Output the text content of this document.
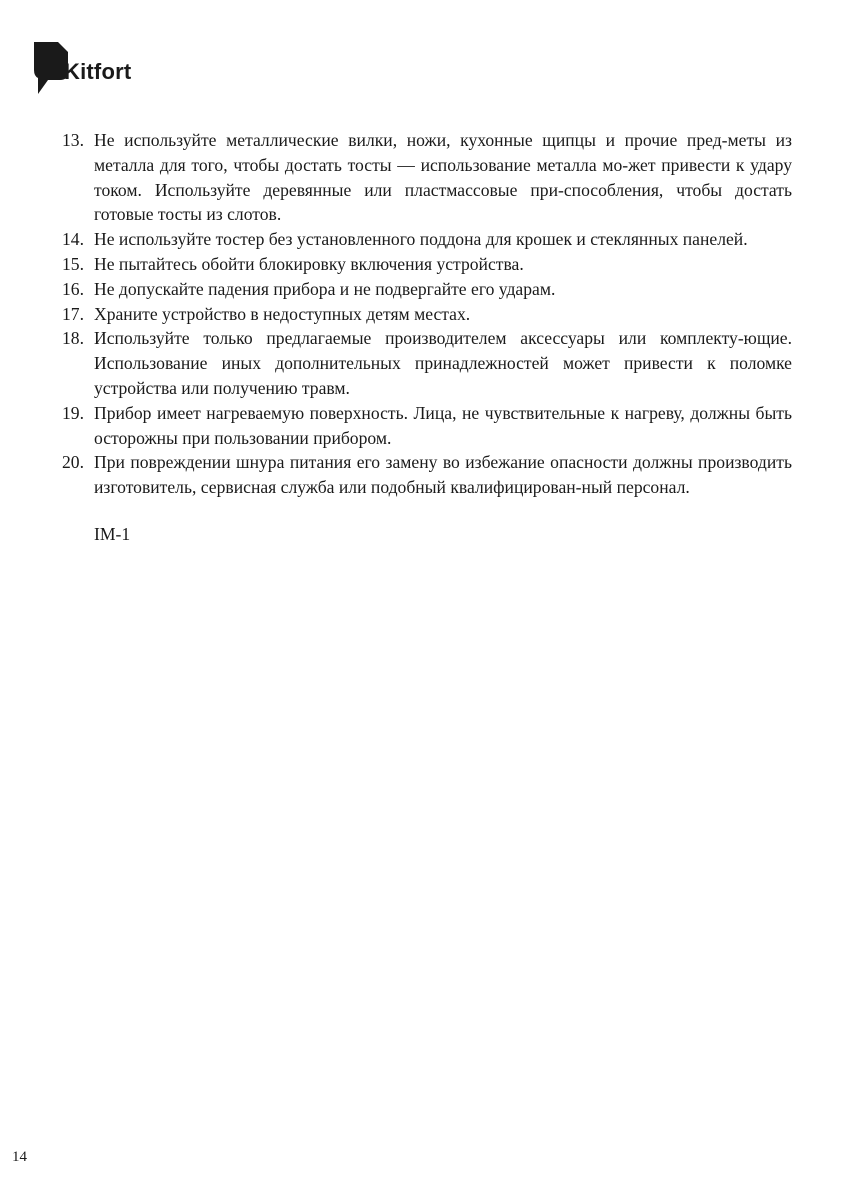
Kitfort
13. Не используйте металлические вилки, ножи, кухонные щипцы и прочие пред-меты из металла для того, чтобы достать тосты — использование металла мо-жет привести к удару током. Используйте деревянные или пластмассовые при-способления, чтобы достать готовые тосты из слотов.
14. Не используйте тостер без установленного поддона для крошек и стеклянных панелей.
15. Не пытайтесь обойти блокировку включения устройства.
16. Не допускайте падения прибора и не подвергайте его ударам.
17. Храните устройство в недоступных детям местах.
18. Используйте только предлагаемые производителем аксессуары или комплекту-ющие. Использование иных дополнительных принадлежностей может привести к поломке устройства или получению травм.
19. Прибор имеет нагреваемую поверхность. Лица, не чувствительные к нагреву, должны быть осторожны при пользовании прибором.
20. При повреждении шнура питания его замену во избежание опасности должны производить изготовитель, сервисная служба или подобный квалифицирован-ный персонал.
IM-1
14
